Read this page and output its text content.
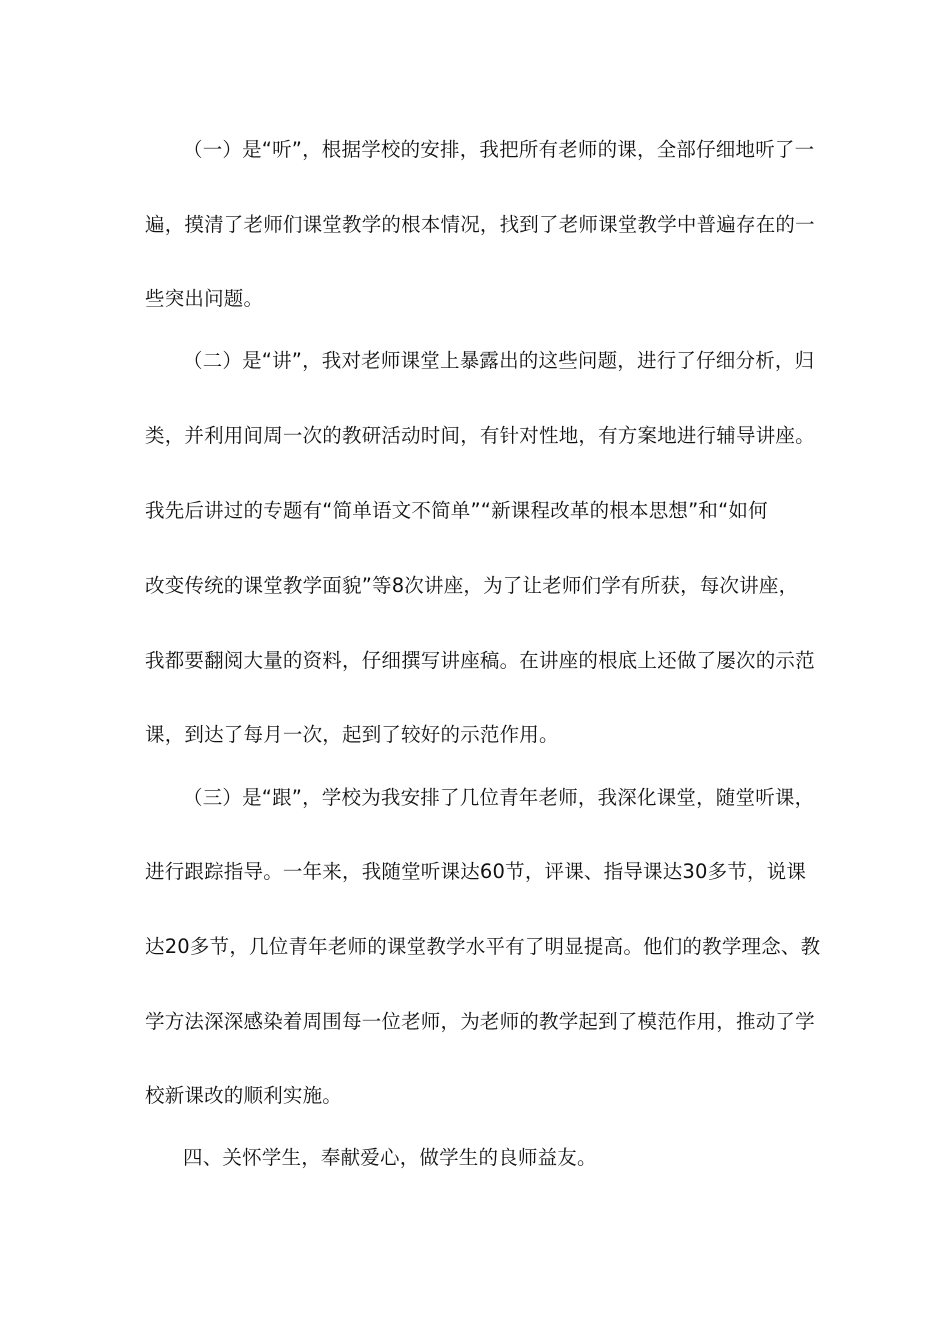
（一）是“听”，根据学校的安排，我把所有老师的课，全部仔细地听了一
遍，摸清了老师们课堂教学的根本情况，找到了老师课堂教学中普遍存在的一
些突出问题。
（二）是“讲”，我对老师课堂上暴露出的这些问题，进行了仔细分析，归
类，并利用间周一次的教研活动时间，有针对性地，有方案地进行辅导讲座。
我先后讲过的专题有“简单语文不简单”“新课程改革的根本思想”和“如何
改变传统的课堂教学面貌”等8次讲座，为了让老师们学有所获，每次讲座，
我都要翻阅大量的资料，仔细撰写讲座稿。在讲座的根底上还做了屡次的示范
课，到达了每月一次，起到了较好的示范作用。
（三）是“跟”，学校为我安排了几位青年老师，我深化课堂，随堂听课，
进行跟踪指导。一年来，我随堂听课达60节，评课、指导课达30多节，说课
达20多节，几位青年老师的课堂教学水平有了明显提高。他们的教学理念、教
学方法深深感染着周围每一位老师，为老师的教学起到了模范作用，推动了学
校新课改的顺利实施。
四、关怀学生，奉献爱心，做学生的良师益友。
